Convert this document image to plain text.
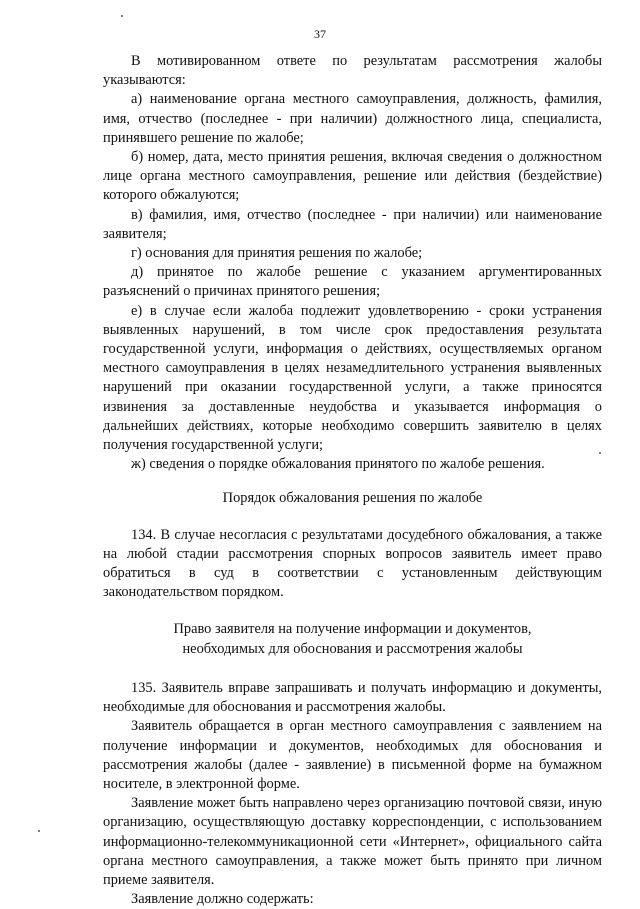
37

В мотивированном ответе по результатам рассмотрения жалобы указываются:

а) наименование органа местного самоуправления, должность, фамилия, имя, отчество (последнее - при наличии) должностного лица, специалиста, принявшего решение по жалобе;

б) номер, дата, место принятия решения, включая сведения о должностном лице органа местного самоуправления, решение или действия (бездействие) которого обжалуются;

в) фамилия, имя, отчество (последнее - при наличии) или наименование заявителя;

г) основания для принятия решения по жалобе;

д) принятое по жалобе решение с указанием аргументированных разъяснений о причинах принятого решения;

е) в случае если жалоба подлежит удовлетворению - сроки устранения выявленных нарушений, в том числе срок предоставления результата государственной услуги, информация о действиях, осуществляемых органом местного самоуправления в целях незамедлительного устранения выявленных нарушений при оказании государственной услуги, а также приносятся извинения за доставленные неудобства и указывается информация о дальнейших действиях, которые необходимо совершить заявителю в целях получения государственной услуги;

ж) сведения о порядке обжалования принятого по жалобе решения.

Порядок обжалования решения по жалобе

134. В случае несогласия с результатами досудебного обжалования, а также на любой стадии рассмотрения спорных вопросов заявитель имеет право обратиться в суд в соответствии с установленным действующим законодательством порядком.

Право заявителя на получение информации и документов,

необходимых для обоснования и рассмотрения жалобы

135. Заявитель вправе запрашивать и получать информацию и документы, необходимые для обоснования и рассмотрения жалобы.

Заявитель обращается в орган местного самоуправления с заявлением на получение информации и документов, необходимых для обоснования и рассмотрения жалобы (далее - заявление) в письменной форме на бумажном носителе, в электронной форме.

Заявление может быть направлено через организацию почтовой связи, иную организацию, осуществляющую доставку корреспонденции, с использованием информационно-телекоммуникационной сети «Интернет», официального сайта органа местного самоуправления, а также может быть принято при личном приеме заявителя.

Заявление должно содержать:
